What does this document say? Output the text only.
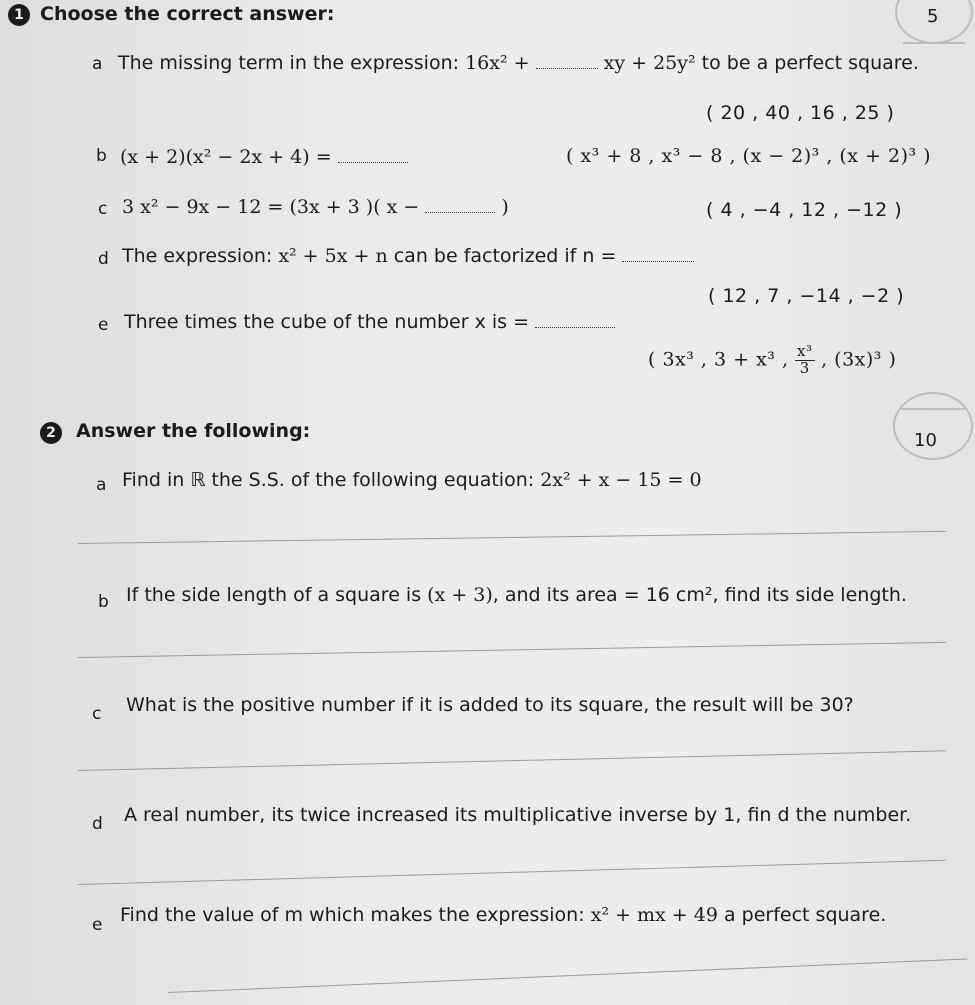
1 Choose the correct answer:	5
a The missing term in the expression: 16x² +	xy + 25y² to be a perfect square.
( 20 , 40 , 16 , 25 )
b (x + 2)(x² − 2x + 4) =	( x³ + 8 , x³ − 8 , (x − 2)³ , (x + 2)³ )
c 3 x² − 9x − 12 = (3x + 3 )( x −	)	( 4 , −4 , 12 , −12 )
d The expression: x² + 5x + n can be factorized if n =
( 12 , 7 , −14 , −2 )
e Three times the cube of the number x is =
( 3x³ , 3 + x³ , $\frac{\text{x³}}{3}$ , (3x)³ )
2	Answer the following:	10
a Find in ℝ the S.S. of the following equation: 2x² + x − 15 = 0
b If the side length of a square is (x + 3), and its area = 16 cm², find its side length.
c What is the positive number if it is added to its square, the result will be 30?
d A real number, its twice increased its multiplicative inverse by 1, fin d the number.
e Find the value of m which makes the expression: x² + mx + 49 a perfect square.
